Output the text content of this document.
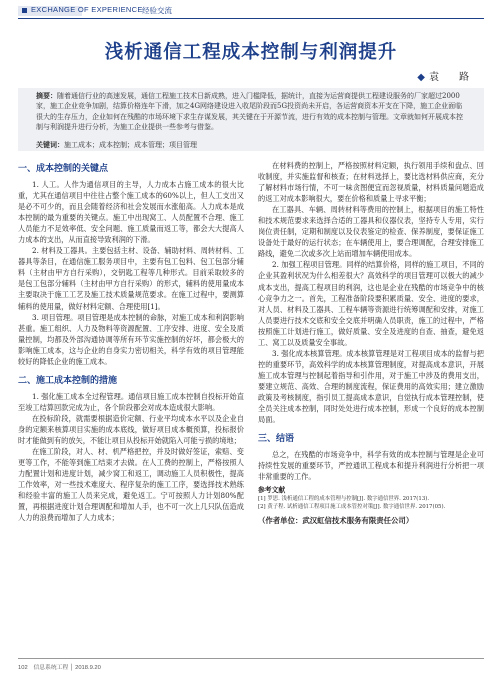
EXCHANGE OF EXPERIENCE 经验交流
浅析通信工程成本控制与利润提升
◆ 袁　路
摘要：随着通信行业的高速发展，通信工程施工技术日新成熟，进入门槛降低，据统计，直接为运营商提供工程建设服务的厂家超过2000家，施工企业竞争加剧，结算价格连年下滑，加之4G网络建设进入收尾阶段而5G投资尚未开启，各运营商资本开支在下降，施工企业面临很大的生存压力，企业如何在残酷的市场环境下求生存谋发展，其关键在于开源节流，进行有效的成本控制与管理。文章就如何开展成本控制与利润提升进行分析，为施工企业提供一些参考与借鉴。
关键词：施工成本；成本控制；成本管理；项目管理
一、成本控制的关键点

1. 人工。人作为通信项目的主导，人力成本占施工成本的很大比重，尤其在通信项目中往往占整个施工成本的60%以上，但人工支出又是必不可少的，而且会随着经济和社会发展而水涨船高。人力成本是成本控制的最为重要的关键点。施工中出现窝工、人员配置不合理、施工人员能力不足效率低、安全问题、施工质量而返工等，都会大大提高人力成本的支出，从而直接导致利润的下滑。

2. 材料及工器具。主要包括主材、设备、辅助材料、周转材料、工器具等条目，在通信施工服务项目中，主要有包工包料、包工包部分辅料（主材由甲方自行采购），交钥匙工程等几种形式。目前采取较多的是包工包部分辅料（主材由甲方自行采购）的形式，辅料的使用量成本主要取决于施工工艺及施工技术质量规范要求。在施工过程中，要测算辅料的使用量，做好材料定额、合理使用[1]。

3. 项目管理。项目管理是成本控制的命脉，对施工成本和利润影响甚重。施工组织、人力及物料等资源配置、工序安排、进度、安全及质量控制，均都及外部沟通协调等所有环节实施控制的好坏，都会极大的影响施工成本，这与企业的自身实力密切相关，科学有效的项目管理能较好的降低企业的施工成本。

二、施工成本控制的措施

1. 强化施工成本全过程管理。通信项目施工成本控制自投标开始直至竣工结算回款完成为止，各个阶段都会对成本造成很大影响。

在投标阶段，就需要根据造价定额、行业平均成本水平以及企业自身的定额来核算项目实施的成本底线，做好项目成本概预算，投标报价时才能做到有的放矢，不能让项目从投标开始就陷入可能亏损的境地；

在施工阶段，对人、材、机严格把控，并及时做好签证，索赔、变更等工作，不能等到施工结束才去做。在人工费的控制上，严格按照人力配置计划和进度计划，减少窝工和返工，调动施工人员积极性，提高工作效率，对一些技术难度大、程序复杂的施工工序，要选择技术熟练和经验丰富的施工人员来完成，避免返工。宁可按照人力计划80%配置，再根据进度计划合理调配和增加人手，也不可一次上几只队伍造成人力的浪费而增加了人力成本；

在材料费的控制上，严格按照材料定额，执行领用手续和盘点、回收制度，并实施监督和核查；在材料选择上，要比选材料供应商，充分了解材料市场行情，不可一味贪图便宜而忽视质量，材料质量问题造成的返工对成本影响很大，要在价格和质量上寻求平衡；

在工器具、车辆、周转材料等费用的控制上，根据项目的施工特性和技术规范要求来选择合适的工器具和仪器仪表，坚持专人专用，实行岗位责任制，定期和制度以及仪表鉴定的检查、保养制度，要保证施工设备处于最好的运行状态；在车辆使用上，要合理调配，合理安排施工路线，避免二次或多次上站而增加车辆使用成本。

2. 加强工程项目管理。同样的结算价格，同样的施工项目，不同的企业其盈利状况为什么相差很大？高效科学的项目管理可以极大的减少成本支出，提高工程项目的利润，这也是企业在残酷的市场竞争中的核心竞争力之一。首先，工程准备阶段要积累质量、安全、进度的要求，对人员、材料及工器具、工程车辆等资源进行统筹调配和安排，对施工人员要进行技术交底和安全交底并明确人员职责，施工的过程中，严格按照施工计划进行施工，做好质量、安全及进度的自查、抽查，避免返工、窝工以及质量安全事故。

3. 强化成本核算管理。成本核算管理是对工程项目成本的监督与把控的重要环节，高效科学的成本核算管理制度，对提高成本意识，开展施工成本管理与控制起着指导和引作用，对于施工中涉及的费用支出，要建立规范、高效、合理的制度流程，保证费用的高效实用；建立激励政策及考核制度，指引员工提高成本意识，自觉执行成本管理控制，使全员关注成本控制，同时处处进行成本控制，形成一个良好的成本控制局面。

三、结语

总之，在残酷的市场竞争中，科学有效的成本控制与管理是企业可持续性发展的重要环节，严控通讯工程成本和提升利润进行分析把一项非常重要的工作。

参考文献
[1] 罗思. 浅析通信工程的成本管理与控制[J]. 数字通信世界. 2017(13).
[2] 黄子程. 试析通信工程项目施工成本管控对策[J]. 数字通信世界. 2017(05).
（作者单位：武汉虹信技术服务有限责任公司）
102　信息系统工程 │ 2018.9.20
